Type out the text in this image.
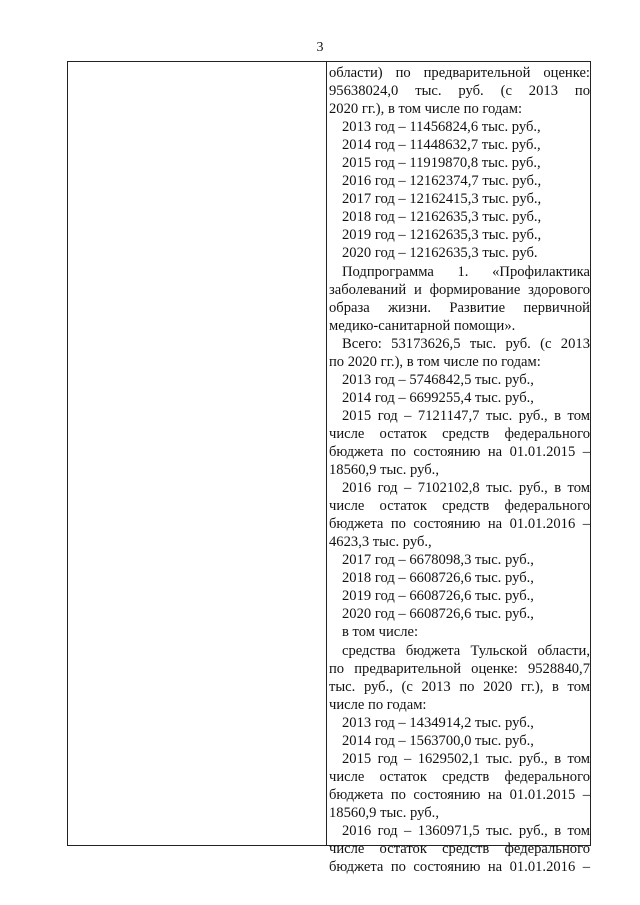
3
области) по предварительной оценке:
95638024,0 тыс. руб. (с 2013 по
2020 гг.), в том числе по годам:
2013 год – 11456824,6 тыс. руб.,
2014 год – 11448632,7 тыс. руб.,
2015 год – 11919870,8 тыс. руб.,
2016 год – 12162374,7 тыс. руб.,
2017 год – 12162415,3 тыс. руб.,
2018 год – 12162635,3 тыс. руб.,
2019 год – 12162635,3 тыс. руб.,
2020 год – 12162635,3 тыс. руб.
Подпрограмма 1. «Профилактика
заболеваний и формирование здорового
образа жизни. Развитие первичной
медико-санитарной помощи».
Всего: 53173626,5 тыс. руб. (с 2013
по 2020 гг.), в том числе по годам:
2013 год – 5746842,5 тыс. руб.,
2014 год – 6699255,4 тыс. руб.,
2015 год – 7121147,7 тыс. руб., в том
числе остаток средств федерального
бюджета по состоянию на 01.01.2015 –
18560,9 тыс. руб.,
2016 год – 7102102,8 тыс. руб., в том
числе остаток средств федерального
бюджета по состоянию на 01.01.2016 –
4623,3 тыс. руб.,
2017 год – 6678098,3 тыс. руб.,
2018 год – 6608726,6 тыс. руб.,
2019 год – 6608726,6 тыс. руб.,
2020 год – 6608726,6 тыс. руб.,
в том числе:
средства бюджета Тульской области,
по предварительной оценке: 9528840,7
тыс. руб., (с 2013 по 2020 гг.), в том
числе по годам:
2013 год – 1434914,2 тыс. руб.,
2014 год – 1563700,0 тыс. руб.,
2015 год – 1629502,1 тыс. руб., в том
числе остаток средств федерального
бюджета по состоянию на 01.01.2015 –
18560,9 тыс. руб.,
2016 год – 1360971,5 тыс. руб., в том
числе остаток средств федерального
бюджета по состоянию на 01.01.2016 –
